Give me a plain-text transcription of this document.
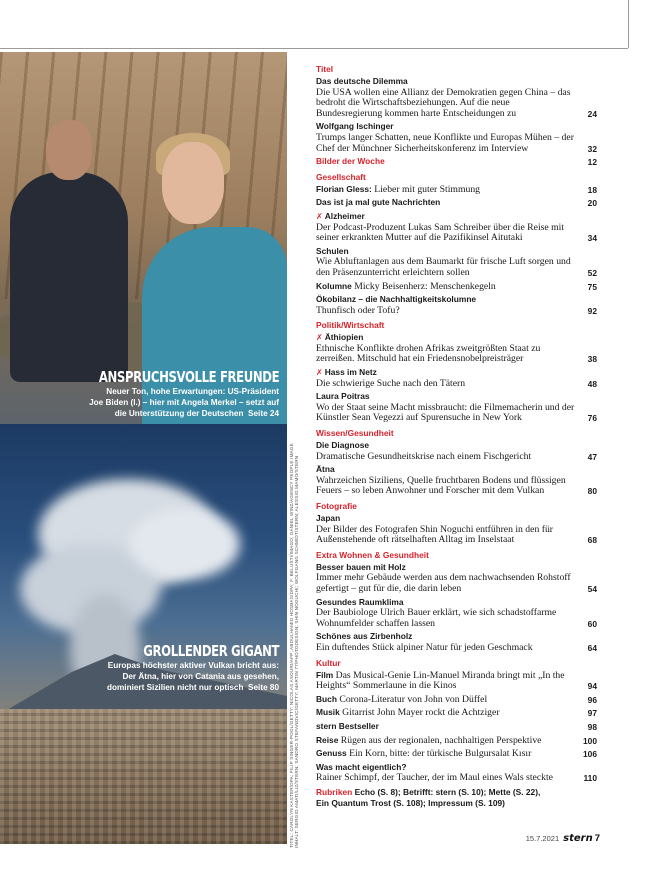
ANSPRUCHSVOLLE FREUNDE
Neuer Ton, hohe Erwartungen: US-Präsident
Joe Biden (l.) – hier mit Angela Merkel – setzt auf
die Unterstützung der Deutschen Seite 24
GROLLENDER GIGANT
Europas höchster aktiver Vulkan bricht aus:
Der Ätna, hier von Catania aus gesehen,
dominiert Sizilien nicht nur optisch Seite 80 TITEL: CAROLYN KASTER/DPA; FILIP SINGER-POOL/GETTY; NICOLAS ASOURI/AFP; ABDULHAMID HOSBAS/DPA; F. BELUSTI/IMAGO; DANIEL WINZ/AGENCY PEOPLE IMAGE INHALT: SERGIO AMATI/LIZ/STERN; SANDRO STEFANOVIC/GETTY; MARTIN 77/PHOTODESIGN; SHIN NOGUCHI; WOLFGANG SCHMIDT/STERN; ALESSIO MAMO/STERN
Titel
Das deutsche Dilemma
Die USA wollen eine Allianz der Demokratien gegen China – das bedroht die Wirtschaftsbeziehungen. Auf die neue Bundesregierung kommen harte Entscheidungen zu	24
Wolfgang Ischinger
Trumps langer Schatten, neue Konflikte und Europas Mühen – der Chef der Münchner Sicherheitskonferenz im Interview	32
Bilder der Woche	12
Gesellschaft
Florian Gless: Lieber mit guter Stimmung	18
Das ist ja mal gute Nachrichten	20
✗ Alzheimer
Der Podcast-Produzent Lukas Sam Schreiber über die Reise mit seiner erkrankten Mutter auf die Pazifikinsel Aitutaki	34
Schulen
Wie Abluftanlagen aus dem Baumarkt für frische Luft sorgen und den Präsenzunterricht erleichtern sollen	52
Kolumne Micky Beisenherz: Menschenkegeln	75
Ökobilanz – die Nachhaltigkeitskolumne
Thunfisch oder Tofu?	92
Politik/Wirtschaft
✗ Äthiopien
Ethnische Konflikte drohen Afrikas zweitgrößten Staat zu zerreißen. Mitschuld hat ein Friedensnobelpreisträger	38
✗ Hass im Netz
Die schwierige Suche nach den Tätern	48
Laura Poitras
Wo der Staat seine Macht missbraucht: die Filmemacherin und der Künstler Sean Vegezzi auf Spurensuche in New York	76
Wissen/Gesundheit
Die Diagnose
Dramatische Gesundheitskrise nach einem Fischgericht	47
Ätna
Wahrzeichen Siziliens, Quelle fruchtbaren Bodens und flüssigen Feuers – so leben Anwohner und Forscher mit dem Vulkan	80
Fotografie
Japan
Der Bilder des Fotografen Shin Noguchi entführen in den für Außenstehende oft rätselhaften Alltag im Inselstaat	68
Extra Wohnen & Gesundheit
Besser bauen mit Holz
Immer mehr Gebäude werden aus dem nachwachsenden Rohstoff gefertigt – gut für die, die darin leben	54
Gesundes Raumklima
Der Baubiologe Ulrich Bauer erklärt, wie sich schadstoffarme Wohnumfelder schaffen lassen	60
Schönes aus Zirbenholz
Ein duftendes Stück alpiner Natur für jeden Geschmack	64
Kultur
Film Das Musical-Genie Lin-Manuel Miranda bringt mit „In the Heights“ Sommerlaune in die Kinos	94
Buch Corona-Literatur von John von Düffel	96
Musik Gitarrist John Mayer rockt die Achtziger	97
stern Bestseller	98
Reise Rügen aus der regionalen, nachhaltigen Perspektive	100
Genuss Ein Korn, bitte: der türkische Bulgursalat Kısır	106
Was macht eigentlich?
Rainer Schimpf, der Taucher, der im Maul eines Wals steckte	110
Rubriken Echo (S. 8); Betrifft: stern (S. 10); Mette (S. 22),
Ein Quantum Trost (S. 108); Impressum (S. 109)
15.7.2021 stern 7
